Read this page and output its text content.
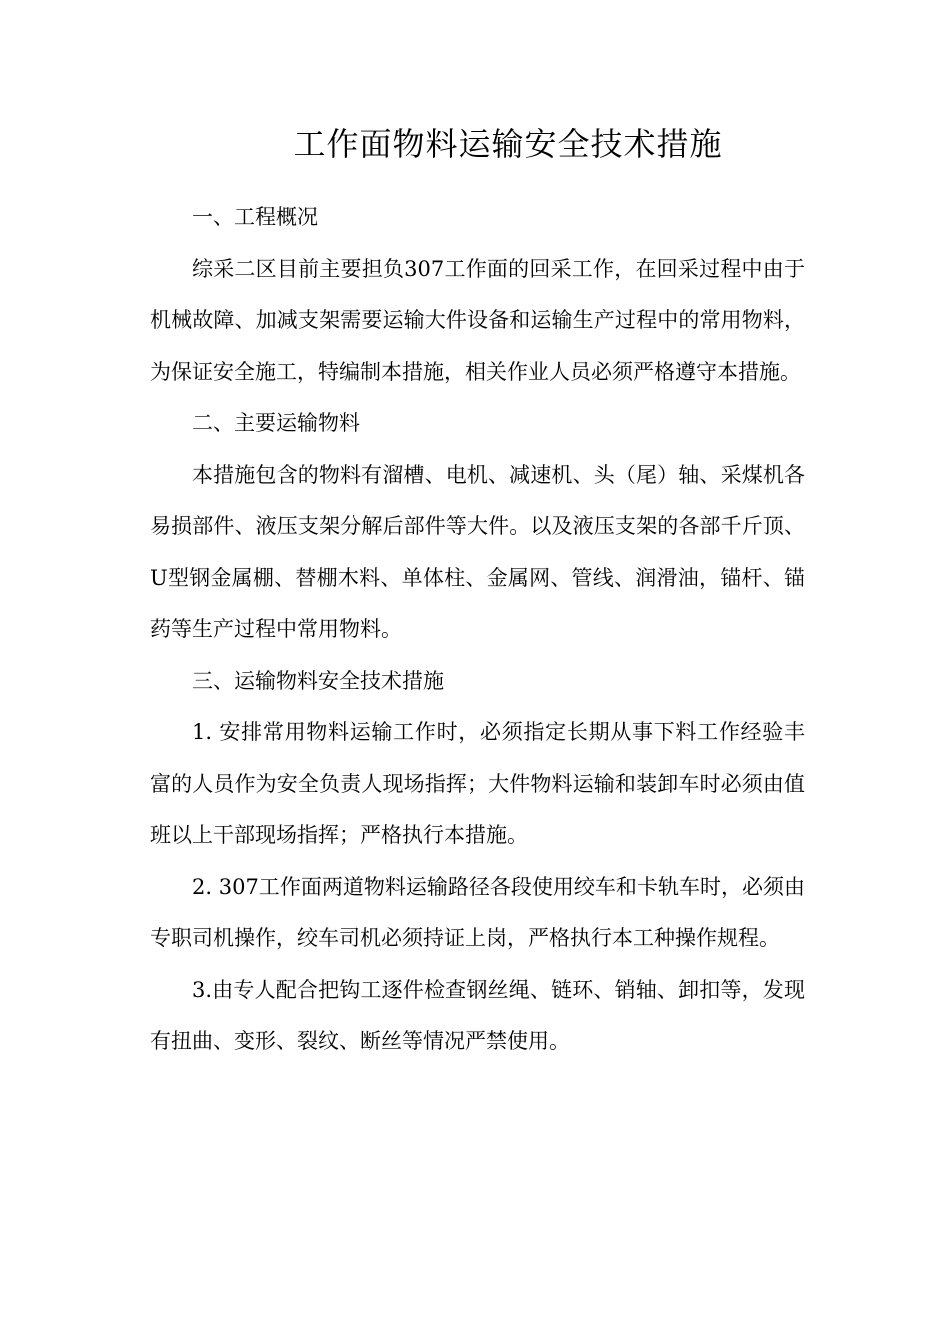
工作面物料运输安全技术措施

一、工程概况

综采二区目前主要担负307工作面的回采工作，在回采过程中由于机械故障、加减支架需要运输大件设备和运输生产过程中的常用物料，为保证安全施工，特编制本措施，相关作业人员必须严格遵守本措施。

二、主要运输物料

本措施包含的物料有溜槽、电机、减速机、头（尾）轴、采煤机各易损部件、液压支架分解后部件等大件。以及液压支架的各部千斤顶、U型钢金属棚、替棚木料、单体柱、金属网、管线、润滑油，锚杆、锚药等生产过程中常用物料。

三、运输物料安全技术措施

1. 安排常用物料运输工作时，必须指定长期从事下料工作经验丰富的人员作为安全负责人现场指挥；大件物料运输和装卸车时必须由值班以上干部现场指挥；严格执行本措施。

2. 307工作面两道物料运输路径各段使用绞车和卡轨车时，必须由专职司机操作，绞车司机必须持证上岗，严格执行本工种操作规程。

3.由专人配合把钩工逐件检查钢丝绳、链环、销轴、卸扣等，发现有扭曲、变形、裂纹、断丝等情况严禁使用。
